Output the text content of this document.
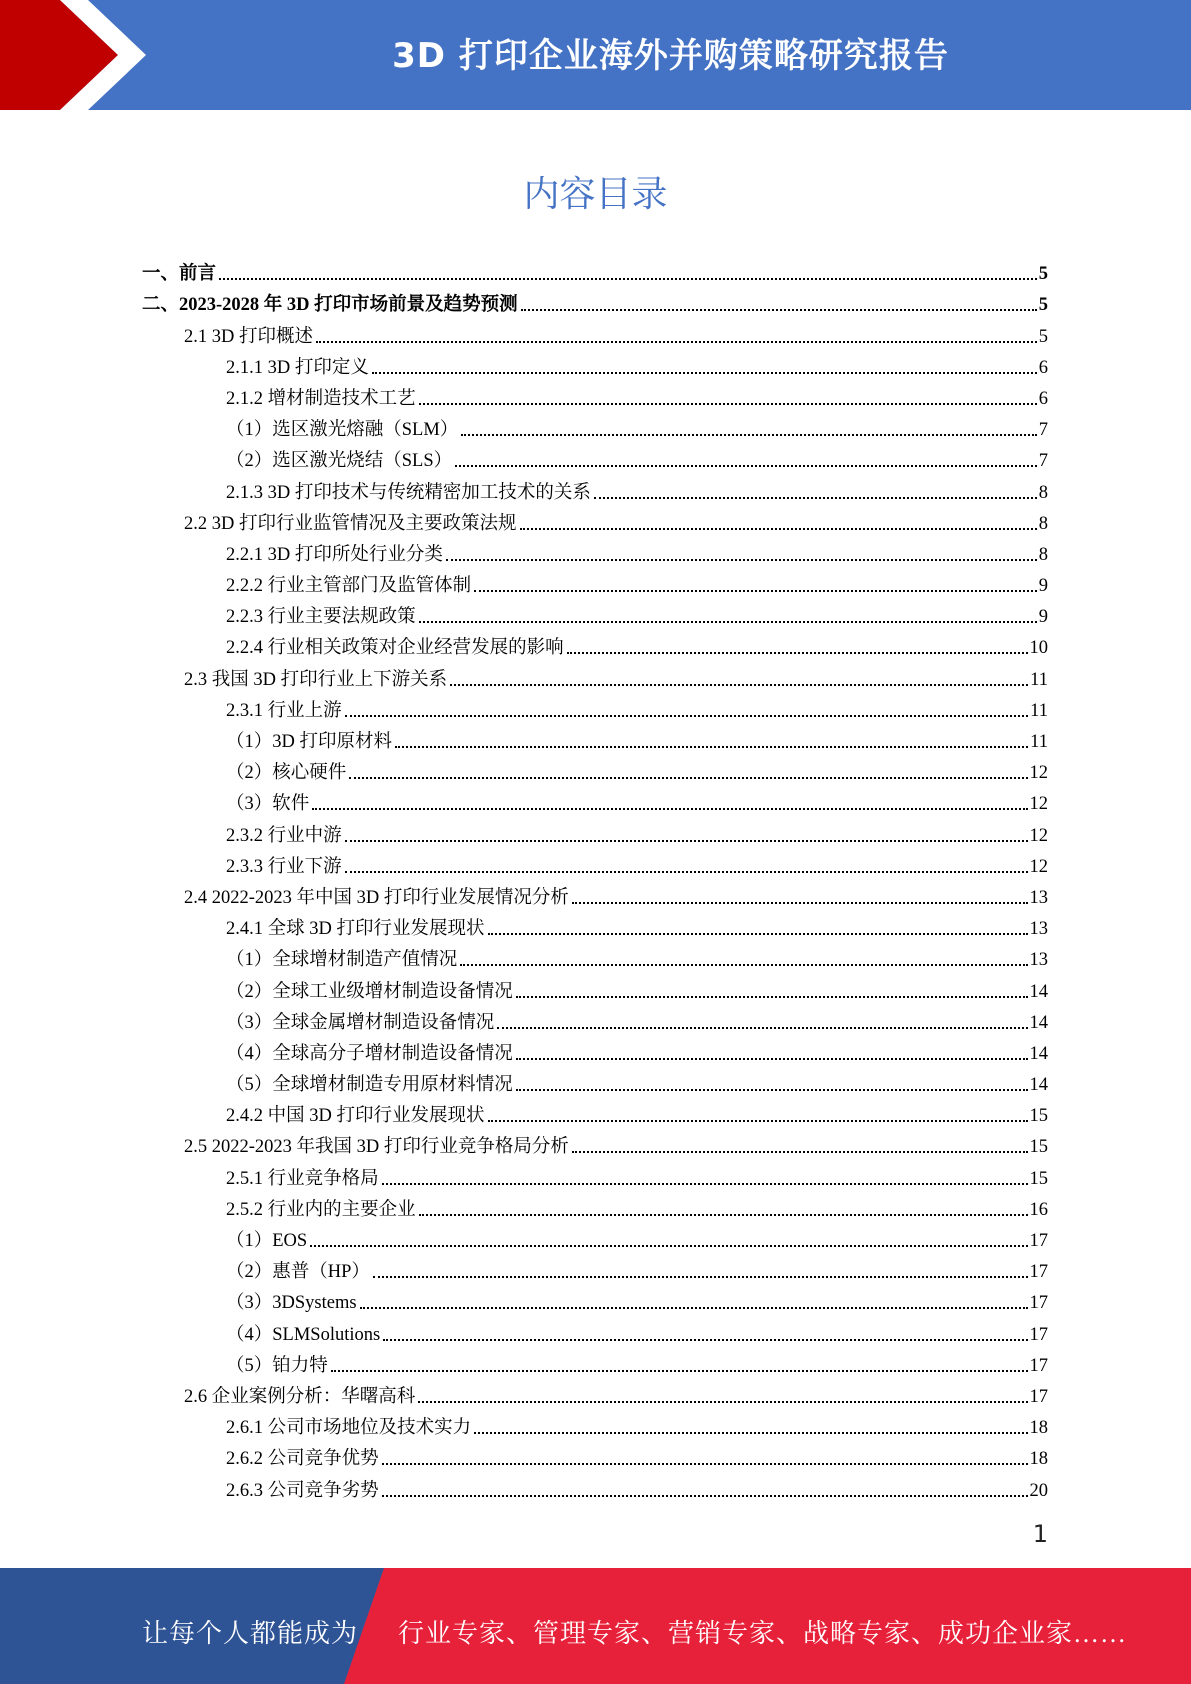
3D 打印企业海外并购策略研究报告
内容目录
一、前言	5
二、2023-2028 年 3D 打印市场前景及趋势预测	5
2.1 3D 打印概述	5
2.1.1 3D 打印定义	6
2.1.2 增材制造技术工艺	6
（1）选区激光熔融（SLM）	7
（2）选区激光烧结（SLS）	7
2.1.3 3D 打印技术与传统精密加工技术的关系	8
2.2 3D 打印行业监管情况及主要政策法规	8
2.2.1 3D 打印所处行业分类	8
2.2.2 行业主管部门及监管体制	9
2.2.3 行业主要法规政策	9
2.2.4 行业相关政策对企业经营发展的影响	10
2.3 我国 3D 打印行业上下游关系	11
2.3.1 行业上游	11
（1）3D 打印原材料	11
（2）核心硬件	12
（3）软件	12
2.3.2 行业中游	12
2.3.3 行业下游	12
2.4 2022-2023 年中国 3D 打印行业发展情况分析	13
2.4.1 全球 3D 打印行业发展现状	13
（1）全球增材制造产值情况	13
（2）全球工业级增材制造设备情况	14
（3）全球金属增材制造设备情况	14
（4）全球高分子增材制造设备情况	14
（5）全球增材制造专用原材料情况	14
2.4.2 中国 3D 打印行业发展现状	15
2.5 2022-2023 年我国 3D 打印行业竞争格局分析	15
2.5.1 行业竞争格局	15
2.5.2 行业内的主要企业	16
（1）EOS	17
（2）惠普（HP）	17
（3）3DSystems	17
（4）SLMSolutions	17
（5）铂力特	17
2.6 企业案例分析：华曙高科	17
2.6.1 公司市场地位及技术实力	18
2.6.2 公司竞争优势	18
2.6.3 公司竞争劣势	20
1
让每个人都能成为 行业专家、管理专家、营销专家、战略专家、成功企业家……
